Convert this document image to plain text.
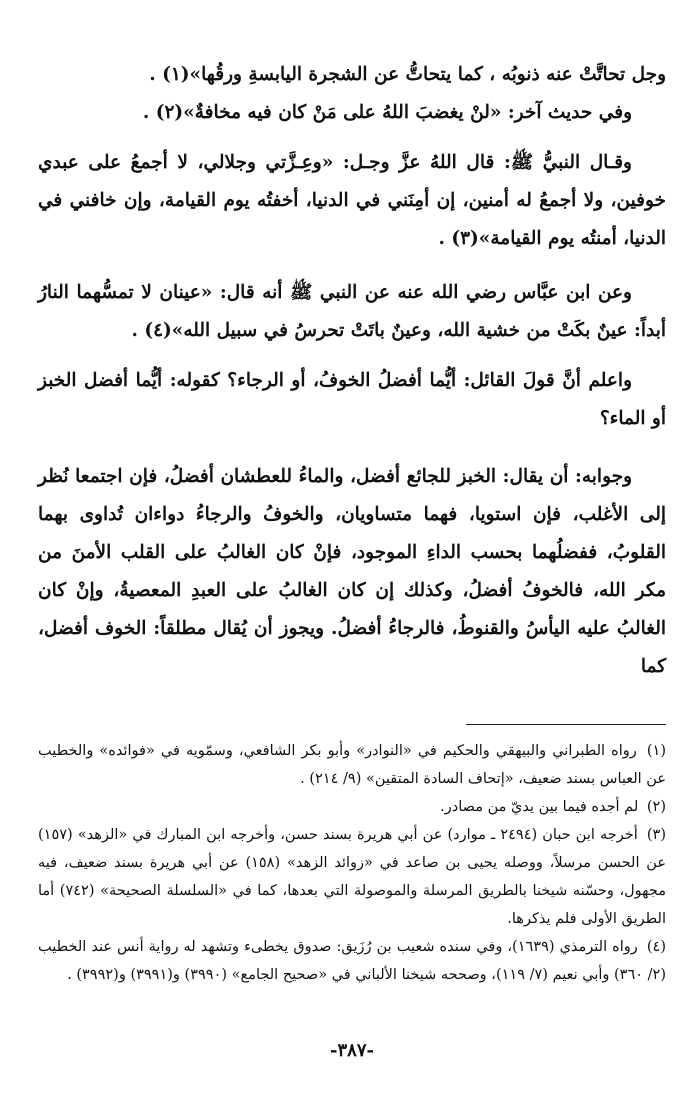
وجل تحاتَّتْ عنه ذنوبُه ، كما يتحاتُّ عن الشجرة اليابسةِ ورقُها»(١) .

وفي حديث آخر: «لنْ يغضبَ اللهُ على مَنْ كان فيه مخافةٌ»(٢) .

وقـال النبيُّ ﷺ: قال اللهُ عزَّ وجـل: «وعِـزَّتي وجلالي، لا أجمعُ على عبدي خوفين، ولا أجمعُ له أمنين، إن أمِنَني في الدنيا، أخفتُه يوم القيامة، وإن خافني في الدنيا، أمنتُه يوم القيامة»(٣) .

وعن ابن عبَّاس رضي الله عنه عن النبي ﷺ أنه قال: «عينان لا تمسُّهما النارُ أبداً: عينٌ بكَتْ من خشية الله، وعينٌ باتَتْ تحرسُ في سبيل الله»(٤) .

واعلم أنَّ قولَ القائل: أيُّما أفضلُ الخوفُ، أو الرجاء؟ كقوله: أيُّما أفضل الخبز أو الماء؟

وجوابه: أن يقال: الخبز للجائع أفضل، والماءُ للعطشان أفضلُ، فإن اجتمعا نُظر إلى الأغلب، فإن استويا، فهما متساويان، والخوفُ والرجاءُ دواءان تُداوى بهما القلوبُ، ففضلُهما بحسب الداءِ الموجود، فإنْ كان الغالبُ على القلب الأمنَ من مكر الله، فالخوفُ أفضلُ، وكذلك إن كان الغالبُ على العبدِ المعصيةُ، وإنْ كان الغالبُ عليه اليأسُ والقنوطُ، فالرجاءُ أفضلُ. ويجوز أن يُقال مطلقاً: الخوف أفضل، كما

(١) رواه الطبراني والبيهقي والحكيم في «النوادر» وأبو بكر الشافعي، وسمّويه في «فوائده» والخطيب عن العباس بسند ضعيف، «إتحاف السادة المتقين» (٩/ ٢١٤) .

(٢) لم أجده فيما بين يديّ من مصادر.

(٣) أخرجه ابن حبان (٢٤٩٤ ـ موارد) عن أبي هريرة بسند حسن، وأخرجه ابن المبارك في «الزهد» (١٥٧) عن الحسن مرسلاً، ووصله يحيى بن صاعد في «زوائد الزهد» (١٥٨) عن أبي هريرة بسند ضعيف، فيه مجهول، وحسّنه شيخنا بالطريق المرسلة والموصولة التي بعدها، كما في «السلسلة الصحيحة» (٧٤٢) أما الطريق الأولى فلم يذكرها.

(٤) رواه الترمذي (١٦٣٩)، وفي سنده شعيب بن رُزَيق: صدوق يخطىء وتشهد له رواية أنس عند الخطيب (٢/ ٣٦٠) وأبي نعيم (٧/ ١١٩)، وصححه شيخنا الألباني في «صحيح الجامع» (٣٩٩٠) و(٣٩٩١) و(٣٩٩٢) .

-٣٨٧-
